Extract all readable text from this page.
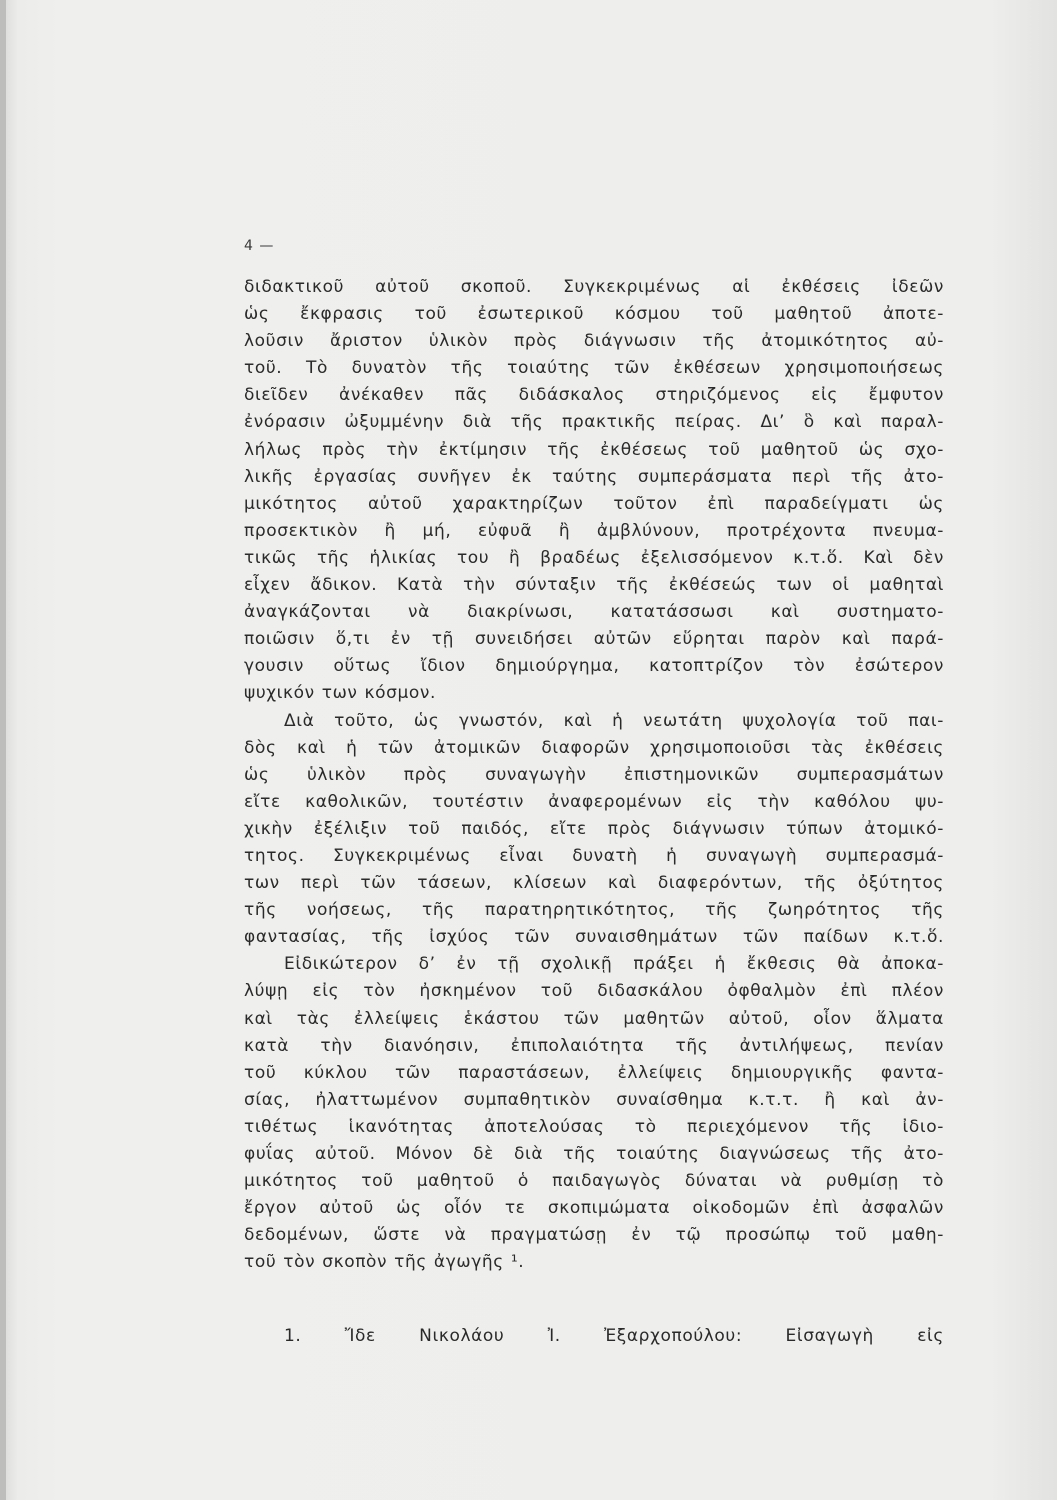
4 —
διδακτικοῦ αὐτοῦ σκοποῦ. Συγκεκριμένως αἱ ἐκθέσεις ἰδεῶν
ὡς ἔκφρασις τοῦ ἐσωτερικοῦ κόσμου τοῦ μαθητοῦ ἀποτε-
λοῦσιν ἄριστον ὑλικὸν πρὸς διάγνωσιν τῆς ἀτομικότητος αὐ-
τοῦ. Τὸ δυνατὸν τῆς τοιαύτης τῶν ἐκθέσεων χρησιμοποιήσεως
διεῖδεν ἀνέκαθεν πᾶς διδάσκαλος στηριζόμενος εἰς ἔμφυτον
ἐνόρασιν ὠξυμμένην διὰ τῆς πρακτικῆς πείρας. Δι’ ὃ καὶ παραλ-
λήλως πρὸς τὴν ἐκτίμησιν τῆς ἐκθέσεως τοῦ μαθητοῦ ὡς σχο-
λικῆς ἐργασίας συνῆγεν ἐκ ταύτης συμπεράσματα περὶ τῆς ἀτο-
μικότητος αὐτοῦ χαρακτηρίζων τοῦτον ἐπὶ παραδείγματι ὡς
προσεκτικὸν ἢ μή, εὐφυᾶ ἢ ἀμβλύνουν, προτρέχοντα πνευμα-
τικῶς τῆς ἡλικίας του ἢ βραδέως ἐξελισσόμενον κ.τ.ὅ. Καὶ δὲν
εἶχεν ἄδικον. Κατὰ τὴν σύνταξιν τῆς ἐκθέσεώς των οἱ μαθηταὶ
ἀναγκάζονται νὰ διακρίνωσι, κατατάσσωσι καὶ συστηματο-
ποιῶσιν ὅ,τι ἐν τῇ συνειδήσει αὐτῶν εὕρηται παρὸν καὶ παρά-
γουσιν οὕτως ἴδιον δημιούργημα, κατοπτρίζον τὸν ἐσώτερον
ψυχικόν των κόσμον.
Διὰ τοῦτο, ὡς γνωστόν, καὶ ἡ νεωτάτη ψυχολογία τοῦ παι-
δὸς καὶ ἡ τῶν ἀτομικῶν διαφορῶν χρησιμοποιοῦσι τὰς ἐκθέσεις
ὡς ὑλικὸν πρὸς συναγωγὴν ἐπιστημονικῶν συμπερασμάτων
εἴτε καθολικῶν, τουτέστιν ἀναφερομένων εἰς τὴν καθόλου ψυ-
χικὴν ἐξέλιξιν τοῦ παιδός, εἴτε πρὸς διάγνωσιν τύπων ἀτομικό-
τητος. Συγκεκριμένως εἶναι δυνατὴ ἡ συναγωγὴ συμπερασμά-
των περὶ τῶν τάσεων, κλίσεων καὶ διαφερόντων, τῆς ὀξύτητος
τῆς νοήσεως, τῆς παρατηρητικότητος, τῆς ζωηρότητος τῆς
φαντασίας, τῆς ἰσχύος τῶν συναισθημάτων τῶν παίδων κ.τ.ὅ.
Εἰδικώτερον δ’ ἐν τῇ σχολικῇ πράξει ἡ ἔκθεσις θὰ ἀποκα-
λύψῃ εἰς τὸν ἠσκημένον τοῦ διδασκάλου ὀφθαλμὸν ἐπὶ πλέον
καὶ τὰς ἐλλείψεις ἑκάστου τῶν μαθητῶν αὐτοῦ, οἷον ἅλματα
κατὰ τὴν διανόησιν, ἐπιπολαιότητα τῆς ἀντιλήψεως, πενίαν
τοῦ κύκλου τῶν παραστάσεων, ἐλλείψεις δημιουργικῆς φαντα-
σίας, ἠλαττωμένον συμπαθητικὸν συναίσθημα κ.τ.τ. ἢ καὶ ἀν-
τιθέτως ἱκανότητας ἀποτελούσας τὸ περιεχόμενον τῆς ἰδιο-
φυΐας αὐτοῦ. Μόνον δὲ διὰ τῆς τοιαύτης διαγνώσεως τῆς ἀτο-
μικότητος τοῦ μαθητοῦ ὁ παιδαγωγὸς δύναται νὰ ρυθμίσῃ τὸ
ἔργον αὐτοῦ ὡς οἷόν τε σκοπιμώματα οἰκοδομῶν ἐπὶ ἀσφαλῶν
δεδομένων, ὥστε νὰ πραγματώσῃ ἐν τῷ προσώπῳ τοῦ μαθη-
τοῦ τὸν σκοπὸν τῆς ἀγωγῆς ¹.
1. Ἴδε Νικολάου Ἰ. Ἐξαρχοπούλου: Εἰσαγωγὴ εἰς
